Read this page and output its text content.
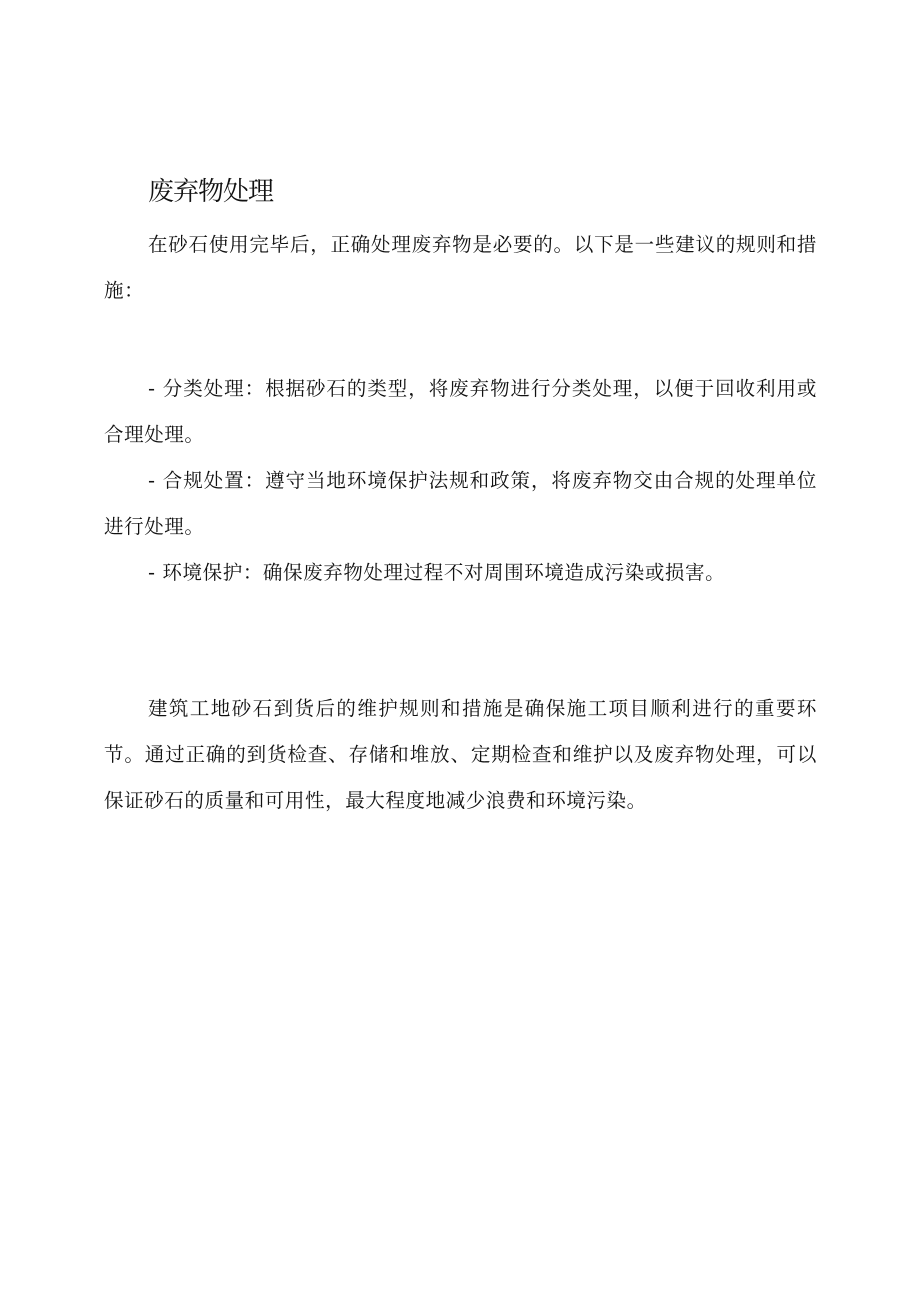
废弃物处理

在砂石使用完毕后，正确处理废弃物是必要的。以下是一些建议的规则和措施：

- 分类处理：根据砂石的类型，将废弃物进行分类处理，以便于回收利用或合理处理。

- 合规处置：遵守当地环境保护法规和政策，将废弃物交由合规的处理单位进行处理。

- 环境保护：确保废弃物处理过程不对周围环境造成污染或损害。

建筑工地砂石到货后的维护规则和措施是确保施工项目顺利进行的重要环节。通过正确的到货检查、存储和堆放、定期检查和维护以及废弃物处理，可以保证砂石的质量和可用性，最大程度地减少浪费和环境污染。
